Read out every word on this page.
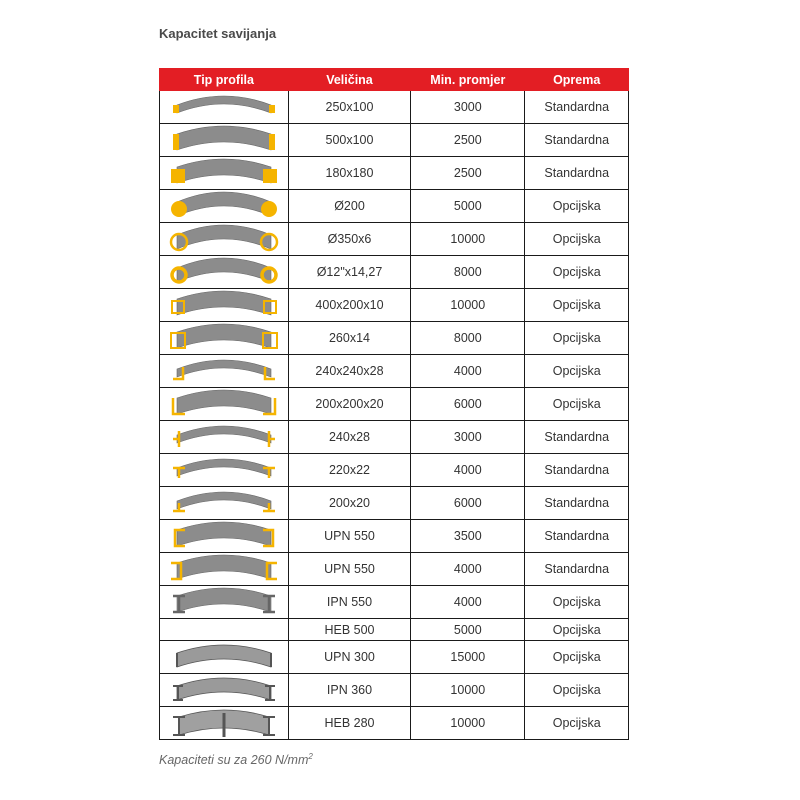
Kapacitet savijanja
Tip profila	Veličina	Min. promjer	Oprema

	250x100	3000	Standardna

	500x100	2500	Standardna

	180x180	2500	Standardna

	Ø200	5000	Opcijska

	Ø350x6	10000	Opcijska

	Ø12"x14,27	8000	Opcijska

	400x200x10	10000	Opcijska

	260x14	8000	Opcijska

	240x240x28	4000	Opcijska

	200x200x20	6000	Opcijska

	240x28	3000	Standardna

	220x22	4000	Standardna

	200x20	6000	Standardna

	UPN 550	3500	Standardna

	UPN 550	4000	Standardna

	IPN 550	4000	Opcijska
	HEB 500	5000	Opcijska

	UPN 300	15000	Opcijska

	IPN 360	10000	Opcijska

	HEB 280	10000	Opcijska
Kapaciteti su za 260 $N/mm^2$
